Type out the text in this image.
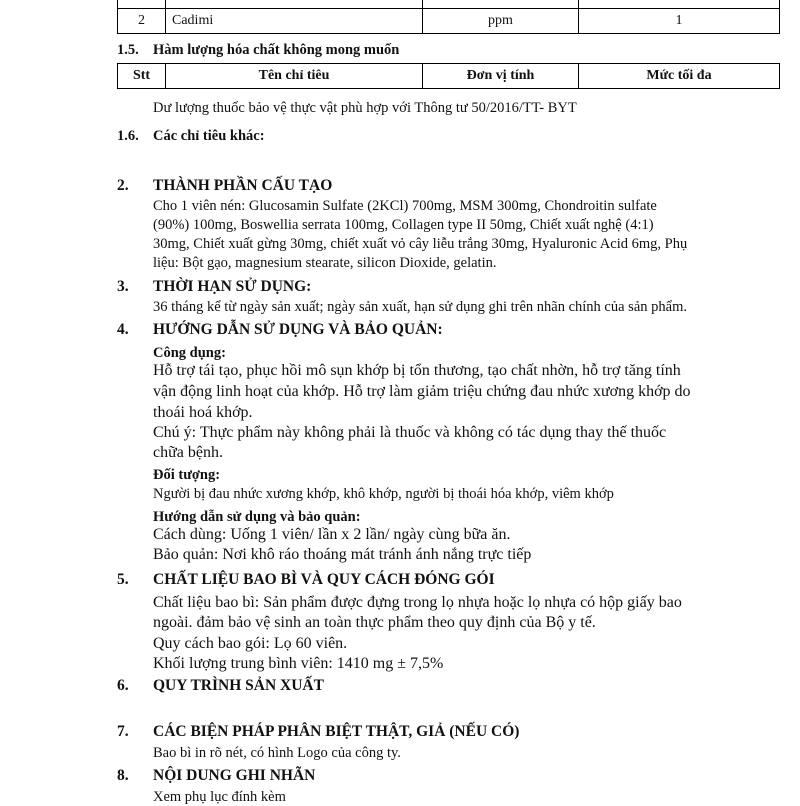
2	Cadimi	ppm	1
1.5. Hàm lượng hóa chất không mong muốn
Stt	Tên chỉ tiêu	Đơn vị tính	Mức tối đa
Dư lượng thuốc bảo vệ thực vật phù hợp với Thông tư 50/2016/TT- BYT
1.6. Các chỉ tiêu khác:
2. THÀNH PHẦN CẤU TẠO
Cho 1 viên nén: Glucosamin Sulfate (2KCl) 700mg, MSM 300mg, Chondroitin sulfate
(90%) 100mg, Boswellia serrata 100mg, Collagen type II 50mg, Chiết xuất nghệ (4:1)
30mg, Chiết xuất gừng 30mg, chiết xuất vỏ cây liễu trắng 30mg, Hyaluronic Acid 6mg, Phụ
liệu: Bột gạo, magnesium stearate, silicon Dioxide, gelatin.
3. THỜI HẠN SỬ DỤNG:
36 tháng kể từ ngày sản xuất; ngày sản xuất, hạn sử dụng ghi trên nhãn chính của sản phẩm.
4. HƯỚNG DẪN SỬ DỤNG VÀ BẢO QUẢN:
Công dụng:
Hỗ trợ tái tạo, phục hồi mô sụn khớp bị tổn thương, tạo chất nhờn, hỗ trợ tăng tính
vận động linh hoạt của khớp. Hỗ trợ làm giảm triệu chứng đau nhức xương khớp do
thoái hoá khớp.
Chú ý: Thực phẩm này không phải là thuốc và không có tác dụng thay thế thuốc
chữa bệnh.
Đối tượng:
Người bị đau nhức xương khớp, khô khớp, người bị thoái hóa khớp, viêm khớp
Hướng dẫn sử dụng và bảo quản:
Cách dùng: Uống 1 viên/ lần x 2 lần/ ngày cùng bữa ăn.
Bảo quản: Nơi khô ráo thoáng mát tránh ánh nắng trực tiếp
5. CHẤT LIỆU BAO BÌ VÀ QUY CÁCH ĐÓNG GÓI
Chất liệu bao bì: Sản phẩm được đựng trong lọ nhựa hoặc lọ nhựa có hộp giấy bao
ngoài. đảm bảo vệ sinh an toàn thực phẩm theo quy định của Bộ y tế.
Quy cách bao gói: Lọ 60 viên.
Khối lượng trung bình viên: 1410 mg ± 7,5%
6. QUY TRÌNH SẢN XUẤT
7. CÁC BIỆN PHÁP PHÂN BIỆT THẬT, GIẢ (NẾU CÓ)
Bao bì in rõ nét, có hình Logo của công ty.
8. NỘI DUNG GHI NHÃN
Xem phụ lục đính kèm
